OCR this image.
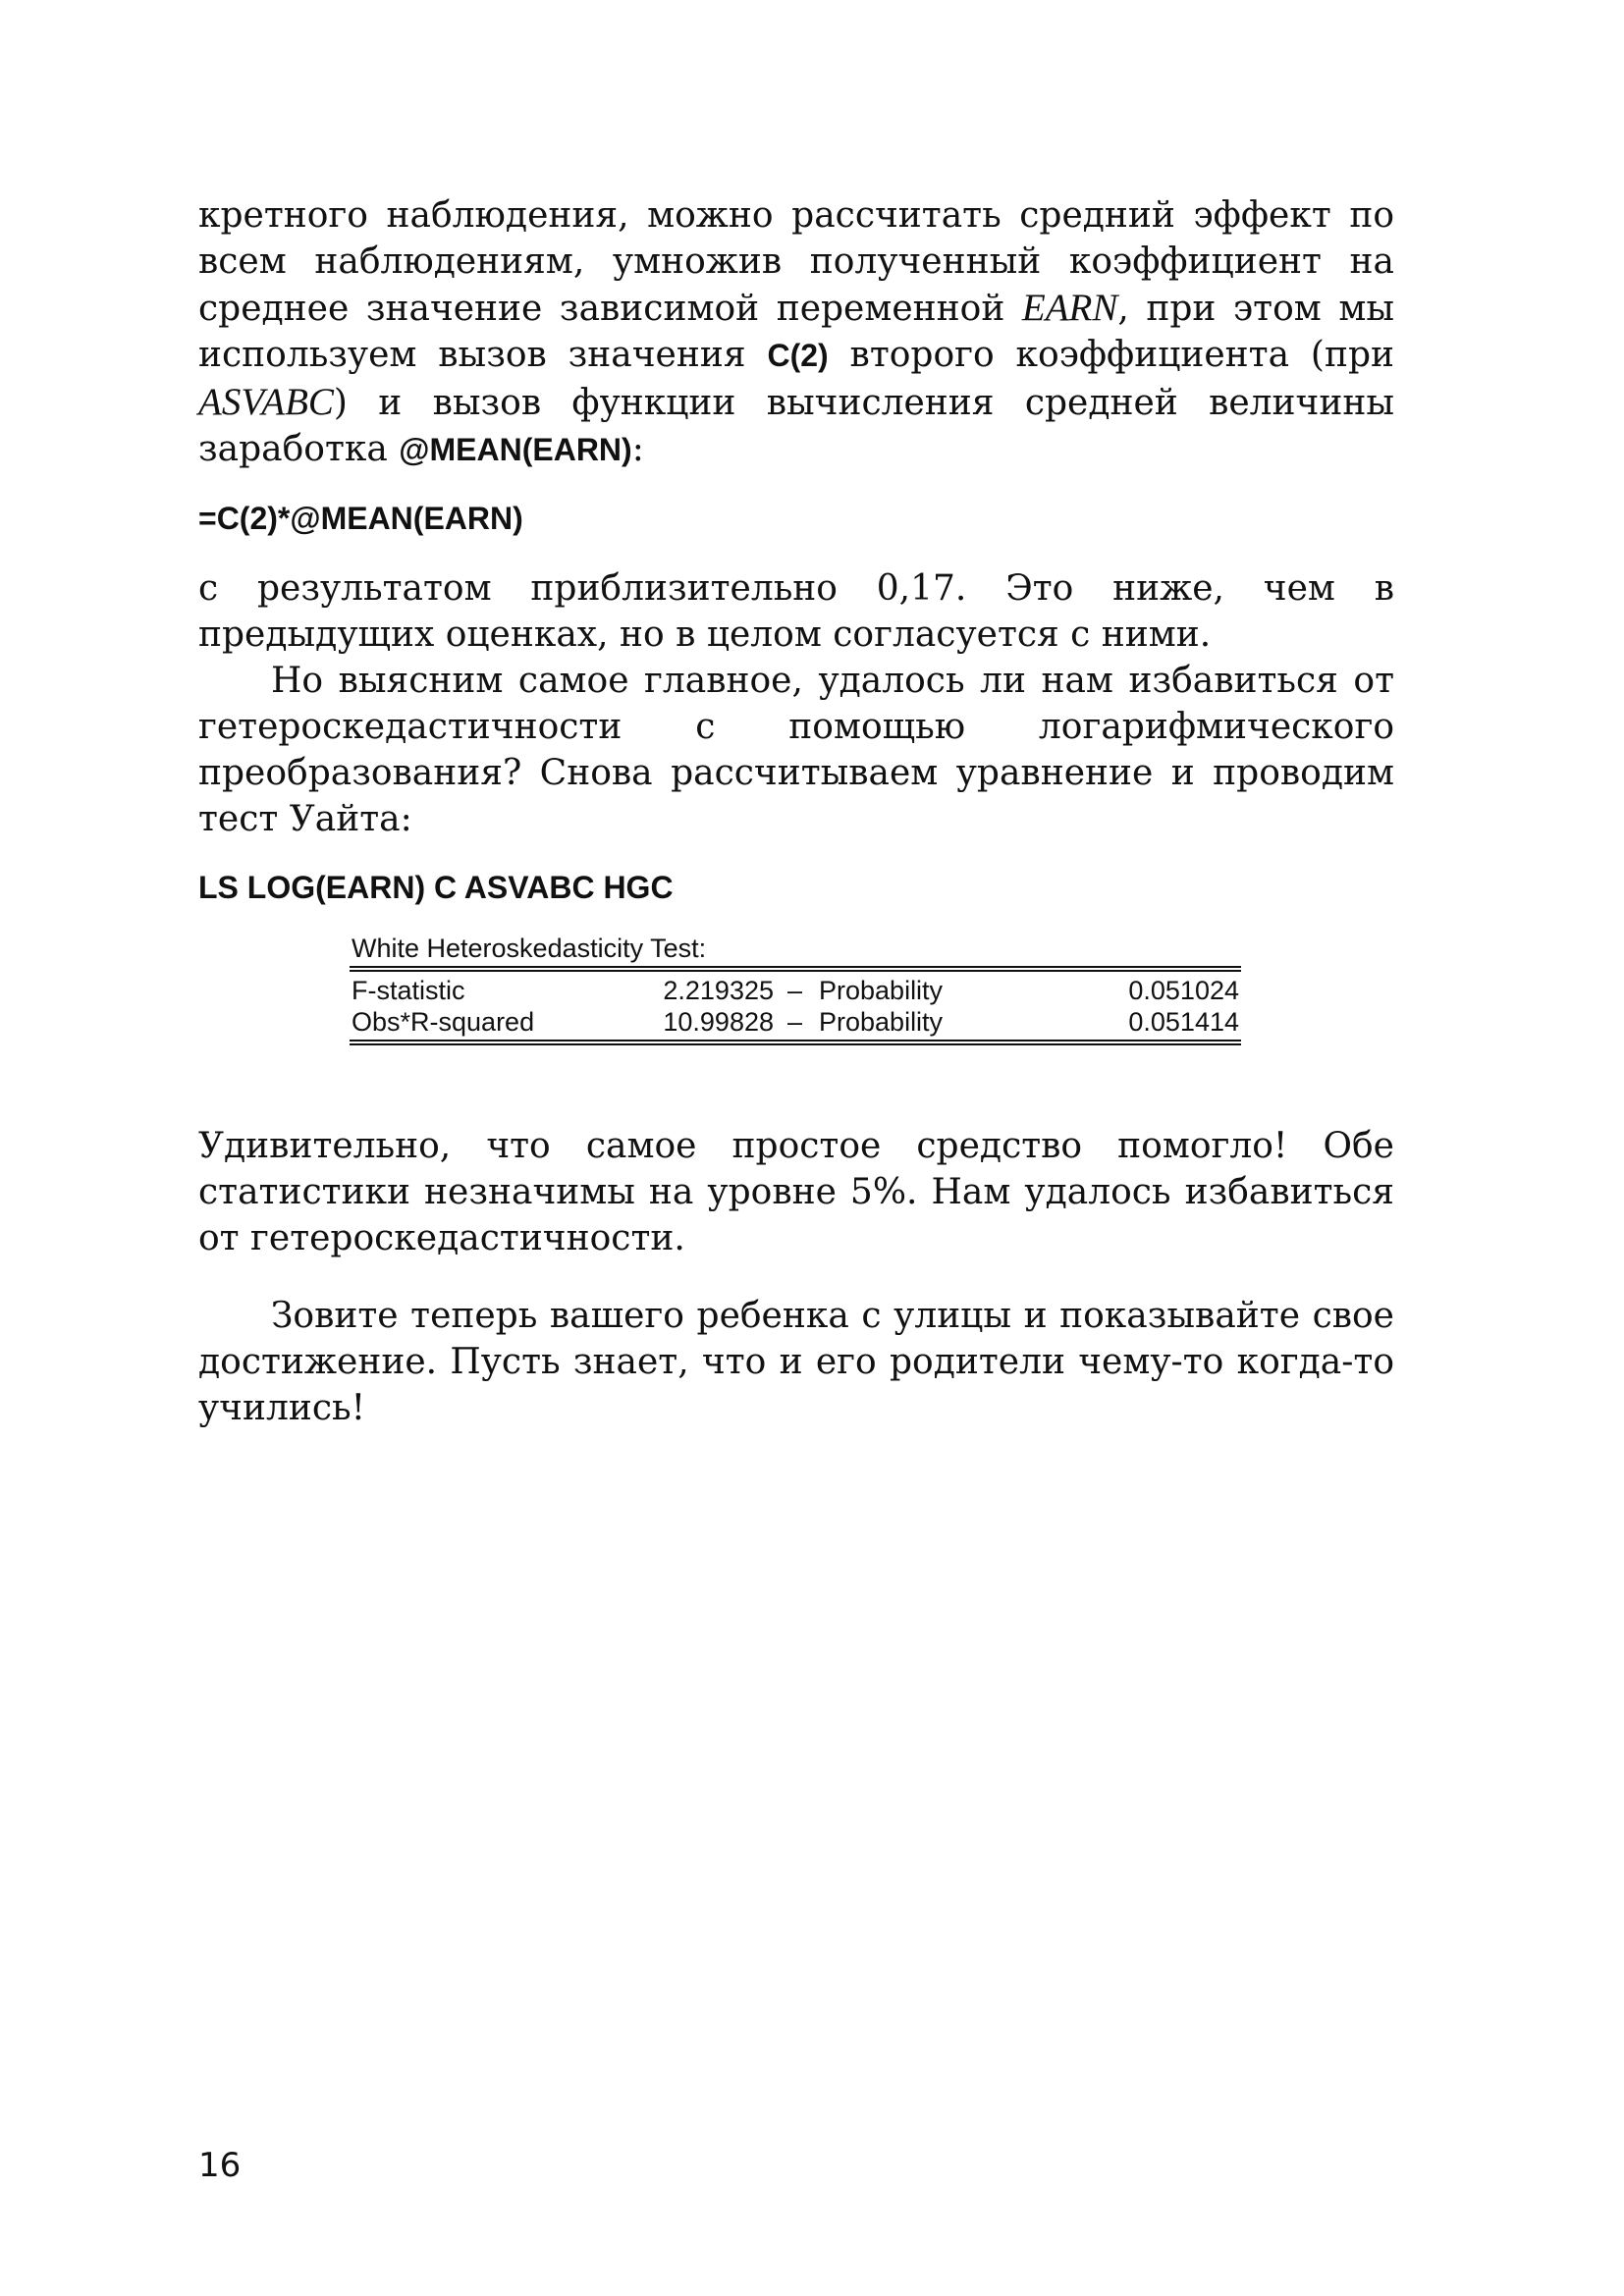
кретного наблюдения, можно рассчитать средний эффект по всем наблюдениям, умножив полученный коэффициент на среднее значение зависимой переменной EARN, при этом мы используем вызов значения C(2) второго коэффициента (при ASVABC) и вызов функции вычисления средней величины заработка @MEAN(EARN):

=C(2)*@MEAN(EARN)

с результатом приблизительно 0,17. Это ниже, чем в предыдущих оценках, но в целом согласуется с ними.

Но выясним самое главное, удалось ли нам избавиться от гетероскедастичности с помощью логарифмического преобразования? Снова рассчитываем уравнение и проводим тест Уайта:

LS LOG(EARN) C ASVABC HGC

White Heteroskedasticity Test:
F-statistic	2.219325 – Probability	0.051024
Obs*R-squared	10.99828 – Probability	0.051414

Удивительно, что самое простое средство помогло! Обе статистики незначимы на уровне 5%. Нам удалось избавиться от гетероскедастичности.

Зовите теперь вашего ребенка с улицы и показывайте свое достижение. Пусть знает, что и его родители чему-то когда-то учились!

16
